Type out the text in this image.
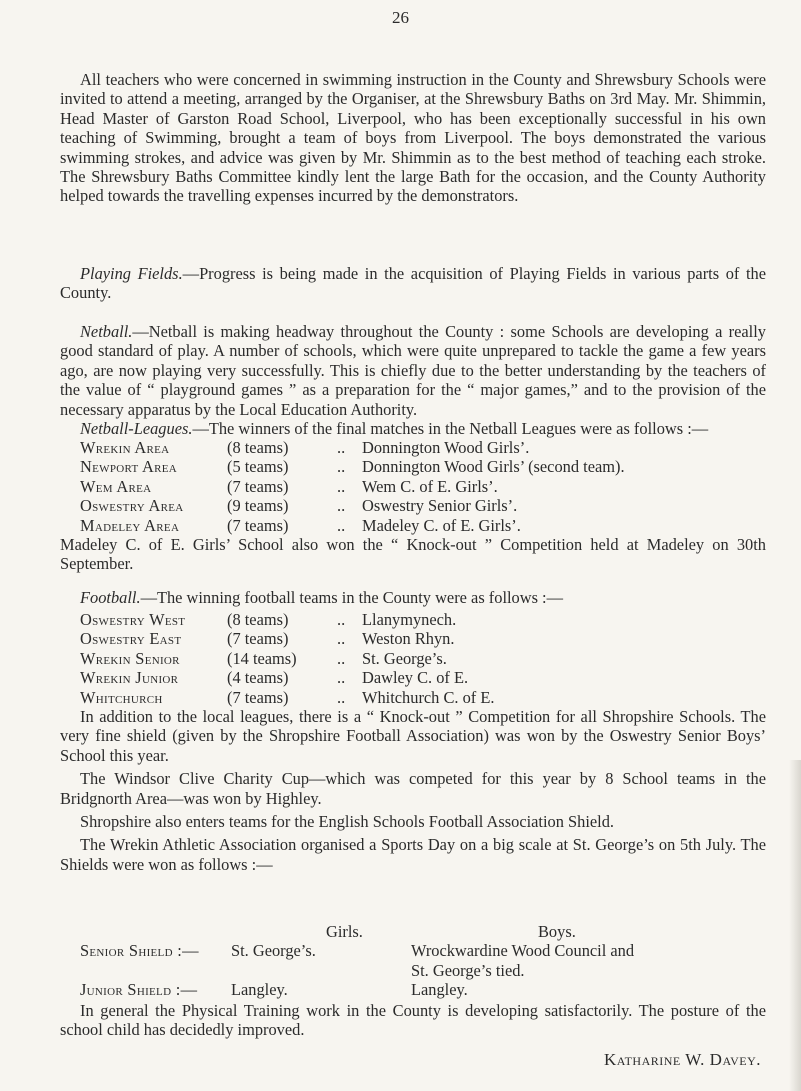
26

All teachers who were concerned in swimming instruction in the County and Shrewsbury Schools were invited to attend a meeting, arranged by the Organiser, at the Shrewsbury Baths on 3rd May. Mr. Shimmin, Head Master of Garston Road School, Liverpool, who has been exceptionally successful in his own teaching of Swimming, brought a team of boys from Liverpool. The boys demonstrated the various swimming strokes, and advice was given by Mr. Shimmin as to the best method of teaching each stroke. The Shrewsbury Baths Committee kindly lent the large Bath for the occasion, and the County Authority helped towards the travelling expenses incurred by the demonstrators.

Playing Fields.—Progress is being made in the acquisition of Playing Fields in various parts of the County.

Netball.—Netball is making headway throughout the County : some Schools are developing a really good standard of play. A number of schools, which were quite unprepared to tackle the game a few years ago, are now playing very successfully. This is chiefly due to the better understanding by the teachers of the value of “ playground games ” as a preparation for the “ major games,” and to the provision of the necessary apparatus by the Local Education Authority.

Netball-Leagues.—The winners of the final matches in the Netball Leagues were as follows :—

Wrekin Area	(8 teams)	..	Donnington Wood Girls’.
Newport Area	(5 teams)	..	Donnington Wood Girls’ (second team).
Wem Area	(7 teams)	..	Wem C. of E. Girls’.
Oswestry Area	(9 teams)	..	Oswestry Senior Girls’.
Madeley Area	(7 teams)	..	Madeley C. of E. Girls’.

Madeley C. of E. Girls’ School also won the “ Knock-out ” Competition held at Madeley on 30th September.

Football.—The winning football teams in the County were as follows :—

Oswestry West	(8 teams)	..	Llanymynech.
Oswestry East	(7 teams)	..	Weston Rhyn.
Wrekin Senior	(14 teams)	..	St. George’s.
Wrekin Junior	(4 teams)	..	Dawley C. of E.
Whitchurch	(7 teams)	..	Whitchurch C. of E.

In addition to the local leagues, there is a “ Knock-out ” Competition for all Shropshire Schools. The very fine shield (given by the Shropshire Football Association) was won by the Oswestry Senior Boys’ School this year.

The Windsor Clive Charity Cup—which was competed for this year by 8 School teams in the Bridgnorth Area—was won by Highley.

Shropshire also enters teams for the English Schools Football Association Shield.

The Wrekin Athletic Association organised a Sports Day on a big scale at St. George’s on 5th July. The Shields were won as follows :—

Girls.	Boys.
Senior Shield :—	St. George’s.	Wrockwardine Wood Council and
St. George’s tied.
Junior Shield :—	Langley.	Langley.

In general the Physical Training work in the County is developing satisfactorily. The posture of the school child has decidedly improved.

Katharine W. Davey.
